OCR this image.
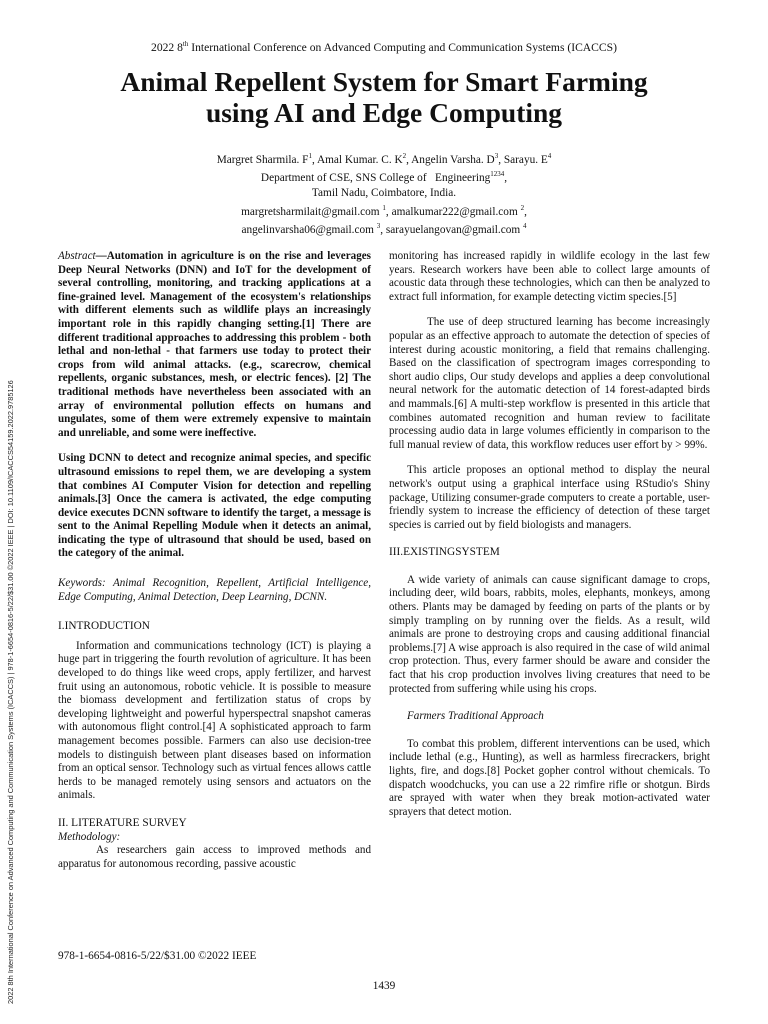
2022 8th International Conference on Advanced Computing and Communication Systems (ICACCS) | 978-1-6654-0816-5/22/$31.00 ©2022 IEEE | DOI: 10.1109/ICACCS54159.2022.9785126
2022 8th International Conference on Advanced Computing and Communication Systems (ICACCS)
Animal Repellent System for Smart Farming
using AI and Edge Computing
Margret Sharmila. $F^1$, Amal Kumar. C. $K^2$, Angelin Varsha. $D^3$, Sarayu. $E^4$
Department of CSE, SNS College of   Engineering$^{1234}$,
Tamil Nadu, Coimbatore, India.
margretsharmilait@gmail.com $^1$, amalkumar222@gmail.com $^2$,
angelinvarsha06@gmail.com $^3$, sarayuelangovan@gmail.com $^4$

Abstract—Automation in agriculture is on the rise and leverages Deep Neural Networks (DNN) and IoT for the development of several controlling, monitoring, and tracking applications at a fine-grained level. Management of the ecosystem's relationships with different elements such as wildlife plays an increasingly important role in this rapidly changing setting.[1] There are different traditional approaches to addressing this problem - both lethal and non-lethal - that farmers use today to protect their crops from wild animal attacks. (e.g., scarecrow, chemical repellents, organic substances, mesh, or electric fences). [2] The traditional methods have nevertheless been associated with an array of environmental pollution effects on humans and ungulates, some of them were extremely expensive to maintain and unreliable, and some were ineffective.

Using DCNN to detect and recognize animal species, and specific ultrasound emissions to repel them, we are developing a system that combines AI Computer Vision for detection and repelling animals.[3] Once the camera is activated, the edge computing device executes DCNN software to identify the target, a message is sent to the Animal Repelling Module when it detects an animal, indicating the type of ultrasound that should be used, based on the category of the animal.

Keywords: Animal Recognition, Repellent, Artificial Intelligence, Edge Computing, Animal Detection, Deep Learning, DCNN.

I.INTRODUCTION

Information and communications technology (ICT) is playing a huge part in triggering the fourth revolution of agriculture. It has been developed to do things like weed crops, apply fertilizer, and harvest fruit using an autonomous, robotic vehicle. It is possible to measure the biomass development and fertilization status of crops by developing lightweight and powerful hyperspectral snapshot cameras with autonomous flight control.[4] A sophisticated approach to farm management becomes possible. Farmers can also use decision-tree models to distinguish between plant diseases based on information from an optical sensor. Technology such as virtual fences allows cattle herds to be managed remotely using sensors and actuators on the animals.

II. LITERATURE SURVEY

Methodology:

As researchers gain access to improved methods and apparatus for autonomous recording, passive acoustic

monitoring has increased rapidly in wildlife ecology in the last few years. Research workers have been able to collect large amounts of acoustic data through these technologies, which can then be analyzed to extract full information, for example detecting victim species.[5]

The use of deep structured learning has become increasingly popular as an effective approach to automate the detection of species of interest during acoustic monitoring, a field that remains challenging. Based on the classification of spectrogram images corresponding to short audio clips, Our study develops and applies a deep convolutional neural network for the automatic detection of 14 forest-adapted birds and mammals.[6] A multi-step workflow is presented in this article that combines automated recognition and human review to facilitate processing audio data in large volumes efficiently in comparison to the full manual review of data, this workflow reduces user effort by > 99%.

This article proposes an optional method to display the neural network's output using a graphical interface using RStudio's Shiny package, Utilizing consumer-grade computers to create a portable, user-friendly system to increase the efficiency of detection of these target species is carried out by field biologists and managers.

III.EXISTINGSYSTEM

A wide variety of animals can cause significant damage to crops, including deer, wild boars, rabbits, moles, elephants, monkeys, among others. Plants may be damaged by feeding on parts of the plants or by simply trampling on by running over the fields. As a result, wild animals are prone to destroying crops and causing additional financial problems.[7] A wise approach is also required in the case of wild animal crop protection. Thus, every farmer should be aware and consider the fact that his crop production involves living creatures that need to be protected from suffering while using his crops.

Farmers Traditional Approach

To combat this problem, different interventions can be used, which include lethal (e.g., Hunting), as well as harmless firecrackers, bright lights, fire, and dogs.[8] Pocket gopher control without chemicals. To dispatch woodchucks, you can use a 22 rimfire rifle or shotgun. Birds are sprayed with water when they break motion-activated water sprayers that detect motion.

978-1-6654-0816-5/22/$31.00 ©2022 IEEE
1439
